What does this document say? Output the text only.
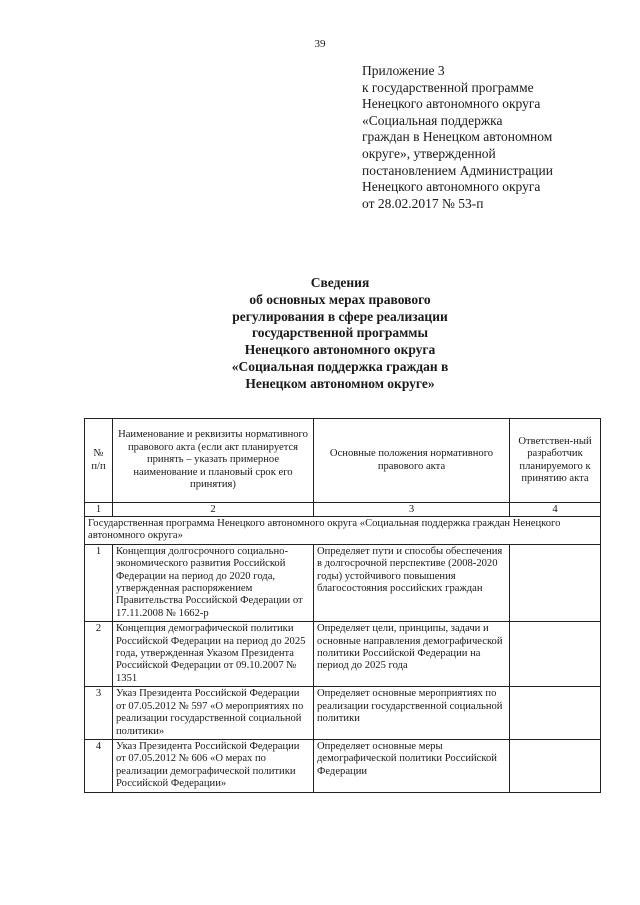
39
Приложение 3
к государственной программе
Ненецкого автономного округа
«Социальная поддержка
граждан в Ненецком автономном
округе», утвержденной
постановлением Администрации
Ненецкого автономного округа
от 28.02.2017 № 53-п
Сведения
об основных мерах правового
регулирования в сфере реализации
государственной программы
Ненецкого автономного округа
«Социальная поддержка граждан в
Ненецком автономном округе»
№ п/п	Наименование и реквизиты нормативного правового акта (если акт планируется принять – указать примерное наименование и плановый срок его принятия)	Основные положения нормативного правового акта	Ответствен-ный разработчик планируемого к принятию акта
1	2	3	4
Государственная программа Ненецкого автономного округа «Социальная поддержка граждан Ненецкого автономного округа»			
1	Концепция долгосрочного социально-экономического развития Российской Федерации на период до 2020 года, утвержденная распоряжением Правительства Российской Федерации от 17.11.2008 № 1662-р	Определяет пути и способы обеспечения в долгосрочной перспективе (2008-2020 годы) устойчивого повышения благосостояния российских граждан	
2	Концепция демографической политики Российской Федерации на период до 2025 года, утвержденная Указом Президента Российской Федерации от 09.10.2007 № 1351	Определяет цели, принципы, задачи и основные направления демографической политики Российской Федерации на период до 2025 года	
3	Указ Президента Российской Федерации от 07.05.2012 № 597 «О мероприятиях по реализации государственной социальной политики»	Определяет основные мероприятиях по реализации государственной социальной политики	
4	Указ Президента Российской Федерации от 07.05.2012 № 606 «О мерах по реализации демографической политики Российской Федерации»	Определяет основные меры демографической политики Российской Федерации	
